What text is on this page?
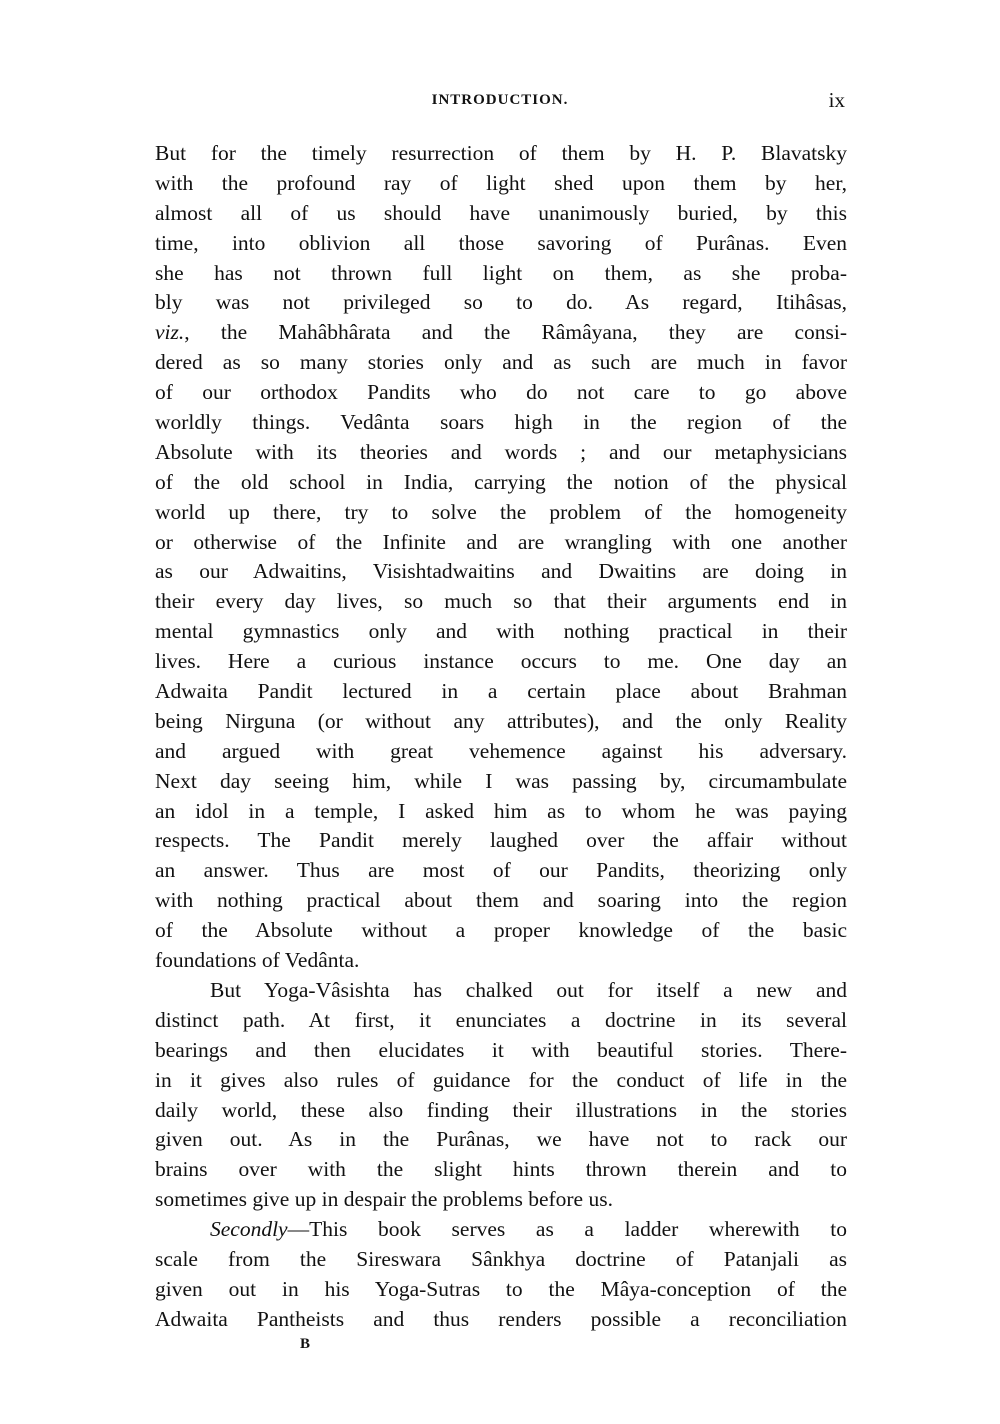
INTRODUCTION.	ix
But for the timely resurrection of them by H. P. Blavatsky
with the profound ray of light shed upon them by her,
almost all of us should have unanimously buried, by this
time, into oblivion all those savoring of Purânas. Even
she has not thrown full light on them, as she proba-
bly was not privileged so to do. As regard, Itihâsas,
viz., the Mahâbhârata and the Râmâyana, they are consi-
dered as so many stories only and as such are much in favor
of our orthodox Pandits who do not care to go above
worldly things. Vedânta soars high in the region of the
Absolute with its theories and words ; and our metaphysicians
of the old school in India, carrying the notion of the physical
world up there, try to solve the problem of the homogeneity
or otherwise of the Infinite and are wrangling with one another
as our Adwaitins, Visishtadwaitins and Dwaitins are doing in
their every day lives, so much so that their arguments end in
mental gymnastics only and with nothing practical in their
lives. Here a curious instance occurs to me. One day an
Adwaita Pandit lectured in a certain place about Brahman
being Nirguna (or without any attributes), and the only Reality
and argued with great vehemence against his adversary.
Next day seeing him, while I was passing by, circumambulate
an idol in a temple, I asked him as to whom he was paying
respects. The Pandit merely laughed over the affair without
an answer. Thus are most of our Pandits, theorizing only
with nothing practical about them and soaring into the region
of the Absolute without a proper knowledge of the basic
foundations of Vedânta.
But Yoga-Vâsishta has chalked out for itself a new and
distinct path. At first, it enunciates a doctrine in its several
bearings and then elucidates it with beautiful stories. There-
in it gives also rules of guidance for the conduct of life in the
daily world, these also finding their illustrations in the stories
given out. As in the Purânas, we have not to rack our
brains over with the slight hints thrown therein and to
sometimes give up in despair the problems before us.
Secondly—This book serves as a ladder wherewith to
scale from the Sireswara Sânkhya doctrine of Patanjali as
given out in his Yoga-Sutras to the Mâya-conception of the
Adwaita Pantheists and thus renders possible a reconciliation
B
